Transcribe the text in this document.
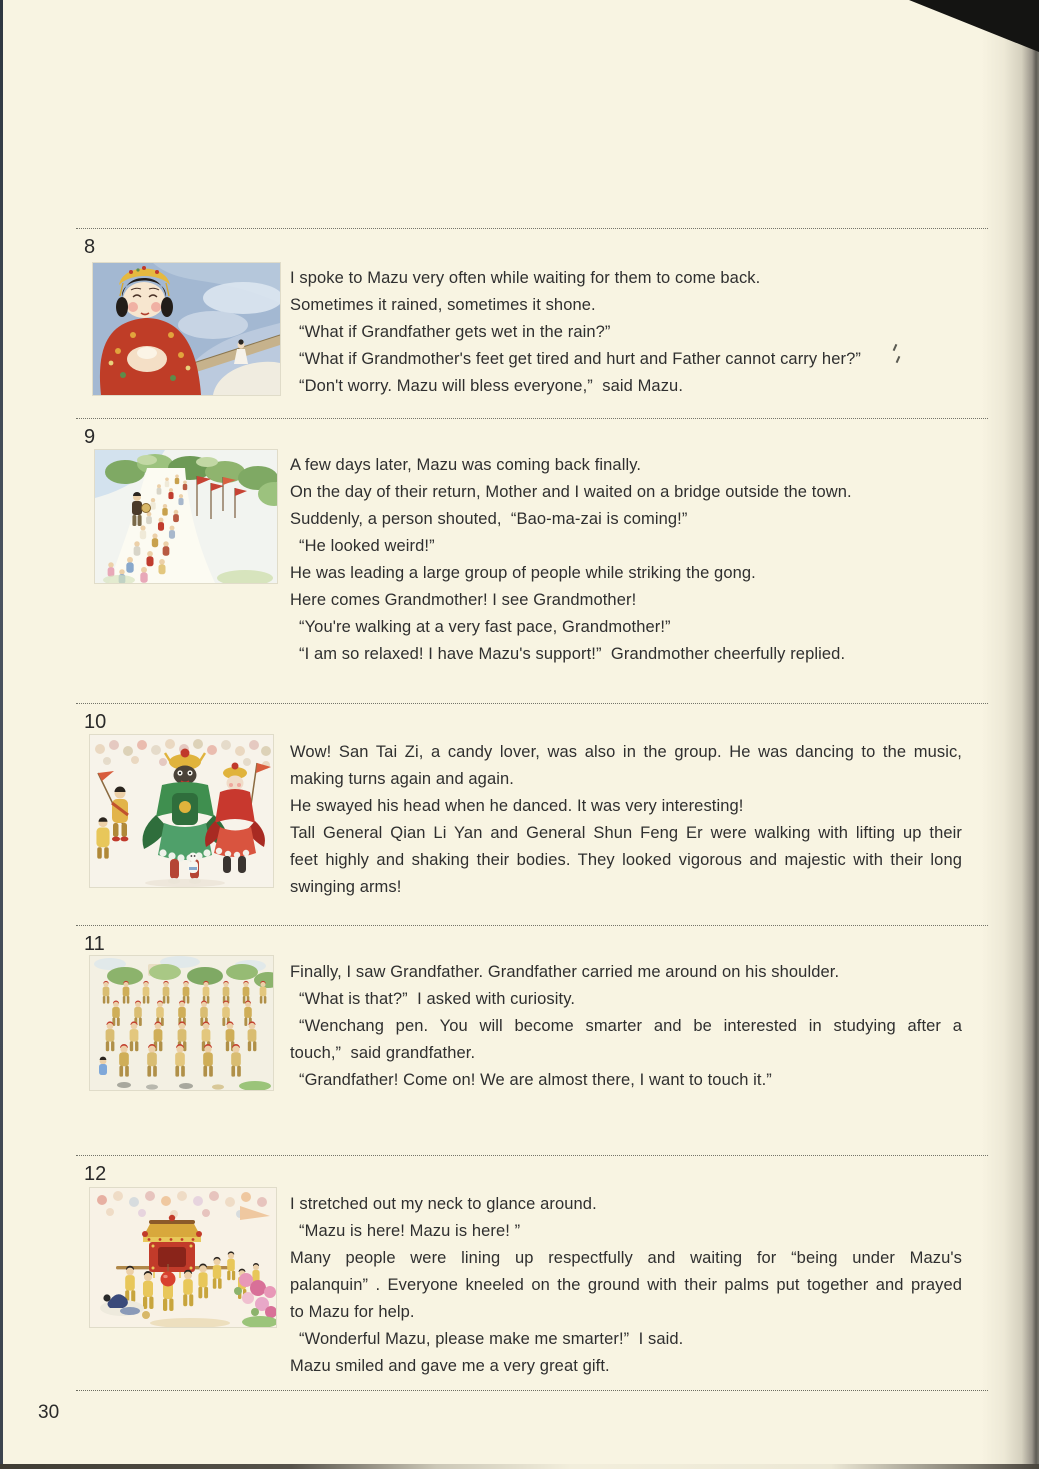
8
I spoke to Mazu very often while waiting for them to come back.
Sometimes it rained, sometimes it shone.
“What if Grandfather gets wet in the rain?”
“What if Grandmother's feet get tired and hurt and Father cannot carry her?”
“Don't worry. Mazu will bless everyone,”  said Mazu.
9
A few days later, Mazu was coming back finally.
On the day of their return, Mother and I waited on a bridge outside the town.
Suddenly, a person shouted,  “Bao-ma-zai is coming!”
“He looked weird!”
He was leading a large group of people while striking the gong.
Here comes Grandmother! I see Grandmother!
“You're walking at a very fast pace, Grandmother!”
“I am so relaxed! I have Mazu's support!”  Grandmother cheerfully replied.
10
Wow! San Tai Zi, a candy lover, was also in the group. He was dancing to the music,
making turns again and again.
He swayed his head when he danced. It was very interesting!
Tall General Qian Li Yan and General Shun Feng Er were walking with lifting up their
feet highly and shaking their bodies. They looked vigorous and majestic with their long
swinging arms!
11
Finally, I saw Grandfather. Grandfather carried me around on his shoulder.
“What is that?”  I asked with curiosity.
“Wenchang pen. You will become smarter and be interested in studying after a
touch,”  said grandfather.
“Grandfather! Come on! We are almost there, I want to touch it.”
12
I stretched out my neck to glance around.
“Mazu is here! Mazu is here! ”
Many people were lining up respectfully and waiting for “being under Mazu's
palanquin” . Everyone kneeled on the ground with their palms put together and prayed
to Mazu for help.
“Wonderful Mazu, please make me smarter!”  I said.
Mazu smiled and gave me a very great gift.
30
